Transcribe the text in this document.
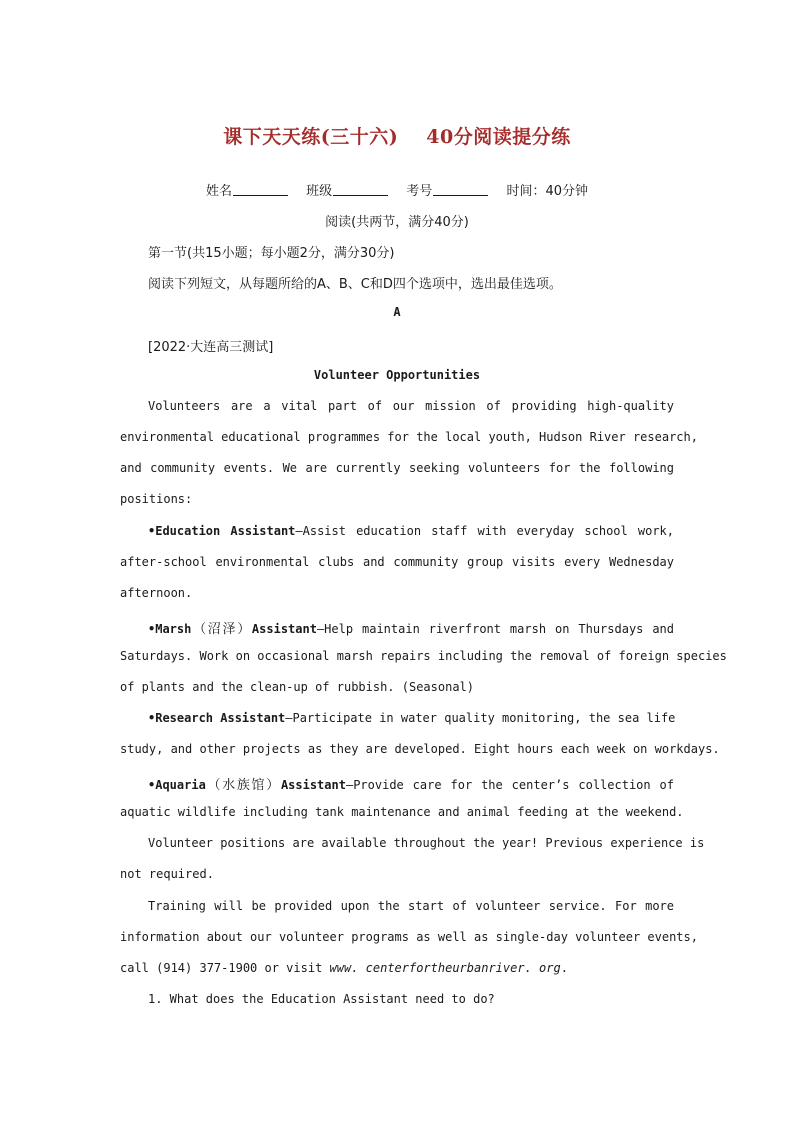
课下天天练(三十六) 40分阅读提分练
姓名	班级	考号	时间：40分钟
阅读(共两节，满分40分)
第一节(共15小题；每小题2分，满分30分)
阅读下列短文，从每题所给的A、B、C和D四个选项中，选出最佳选项。
A
[2022·大连高三测试]
Volunteer Opportunities
Volunteers are a vital part of our mission of providing high-quality
environmental educational programmes for the local youth, Hudson River research,
and community events. We are currently seeking volunteers for the following
positions:
•Education Assistant—Assist education staff with everyday school work,
after-school environmental clubs and community group visits every Wednesday
afternoon.
•Marsh（沼泽）Assistant—Help maintain riverfront marsh on Thursdays and
Saturdays. Work on occasional marsh repairs including the removal of foreign species
of plants and the clean-up of rubbish. (Seasonal)
•Research Assistant—Participate in water quality monitoring, the sea life
study, and other projects as they are developed. Eight hours each week on workdays.
•Aquaria（水族馆）Assistant—Provide care for the center’s collection of
aquatic wildlife including tank maintenance and animal feeding at the weekend.
Volunteer positions are available throughout the year! Previous experience is
not required.
Training will be provided upon the start of volunteer service. For more
information about our volunteer programs as well as single-day volunteer events,
call (914) 377-1900 or visit www. centerfortheurbanriver. org.
1. What does the Education Assistant need to do?
